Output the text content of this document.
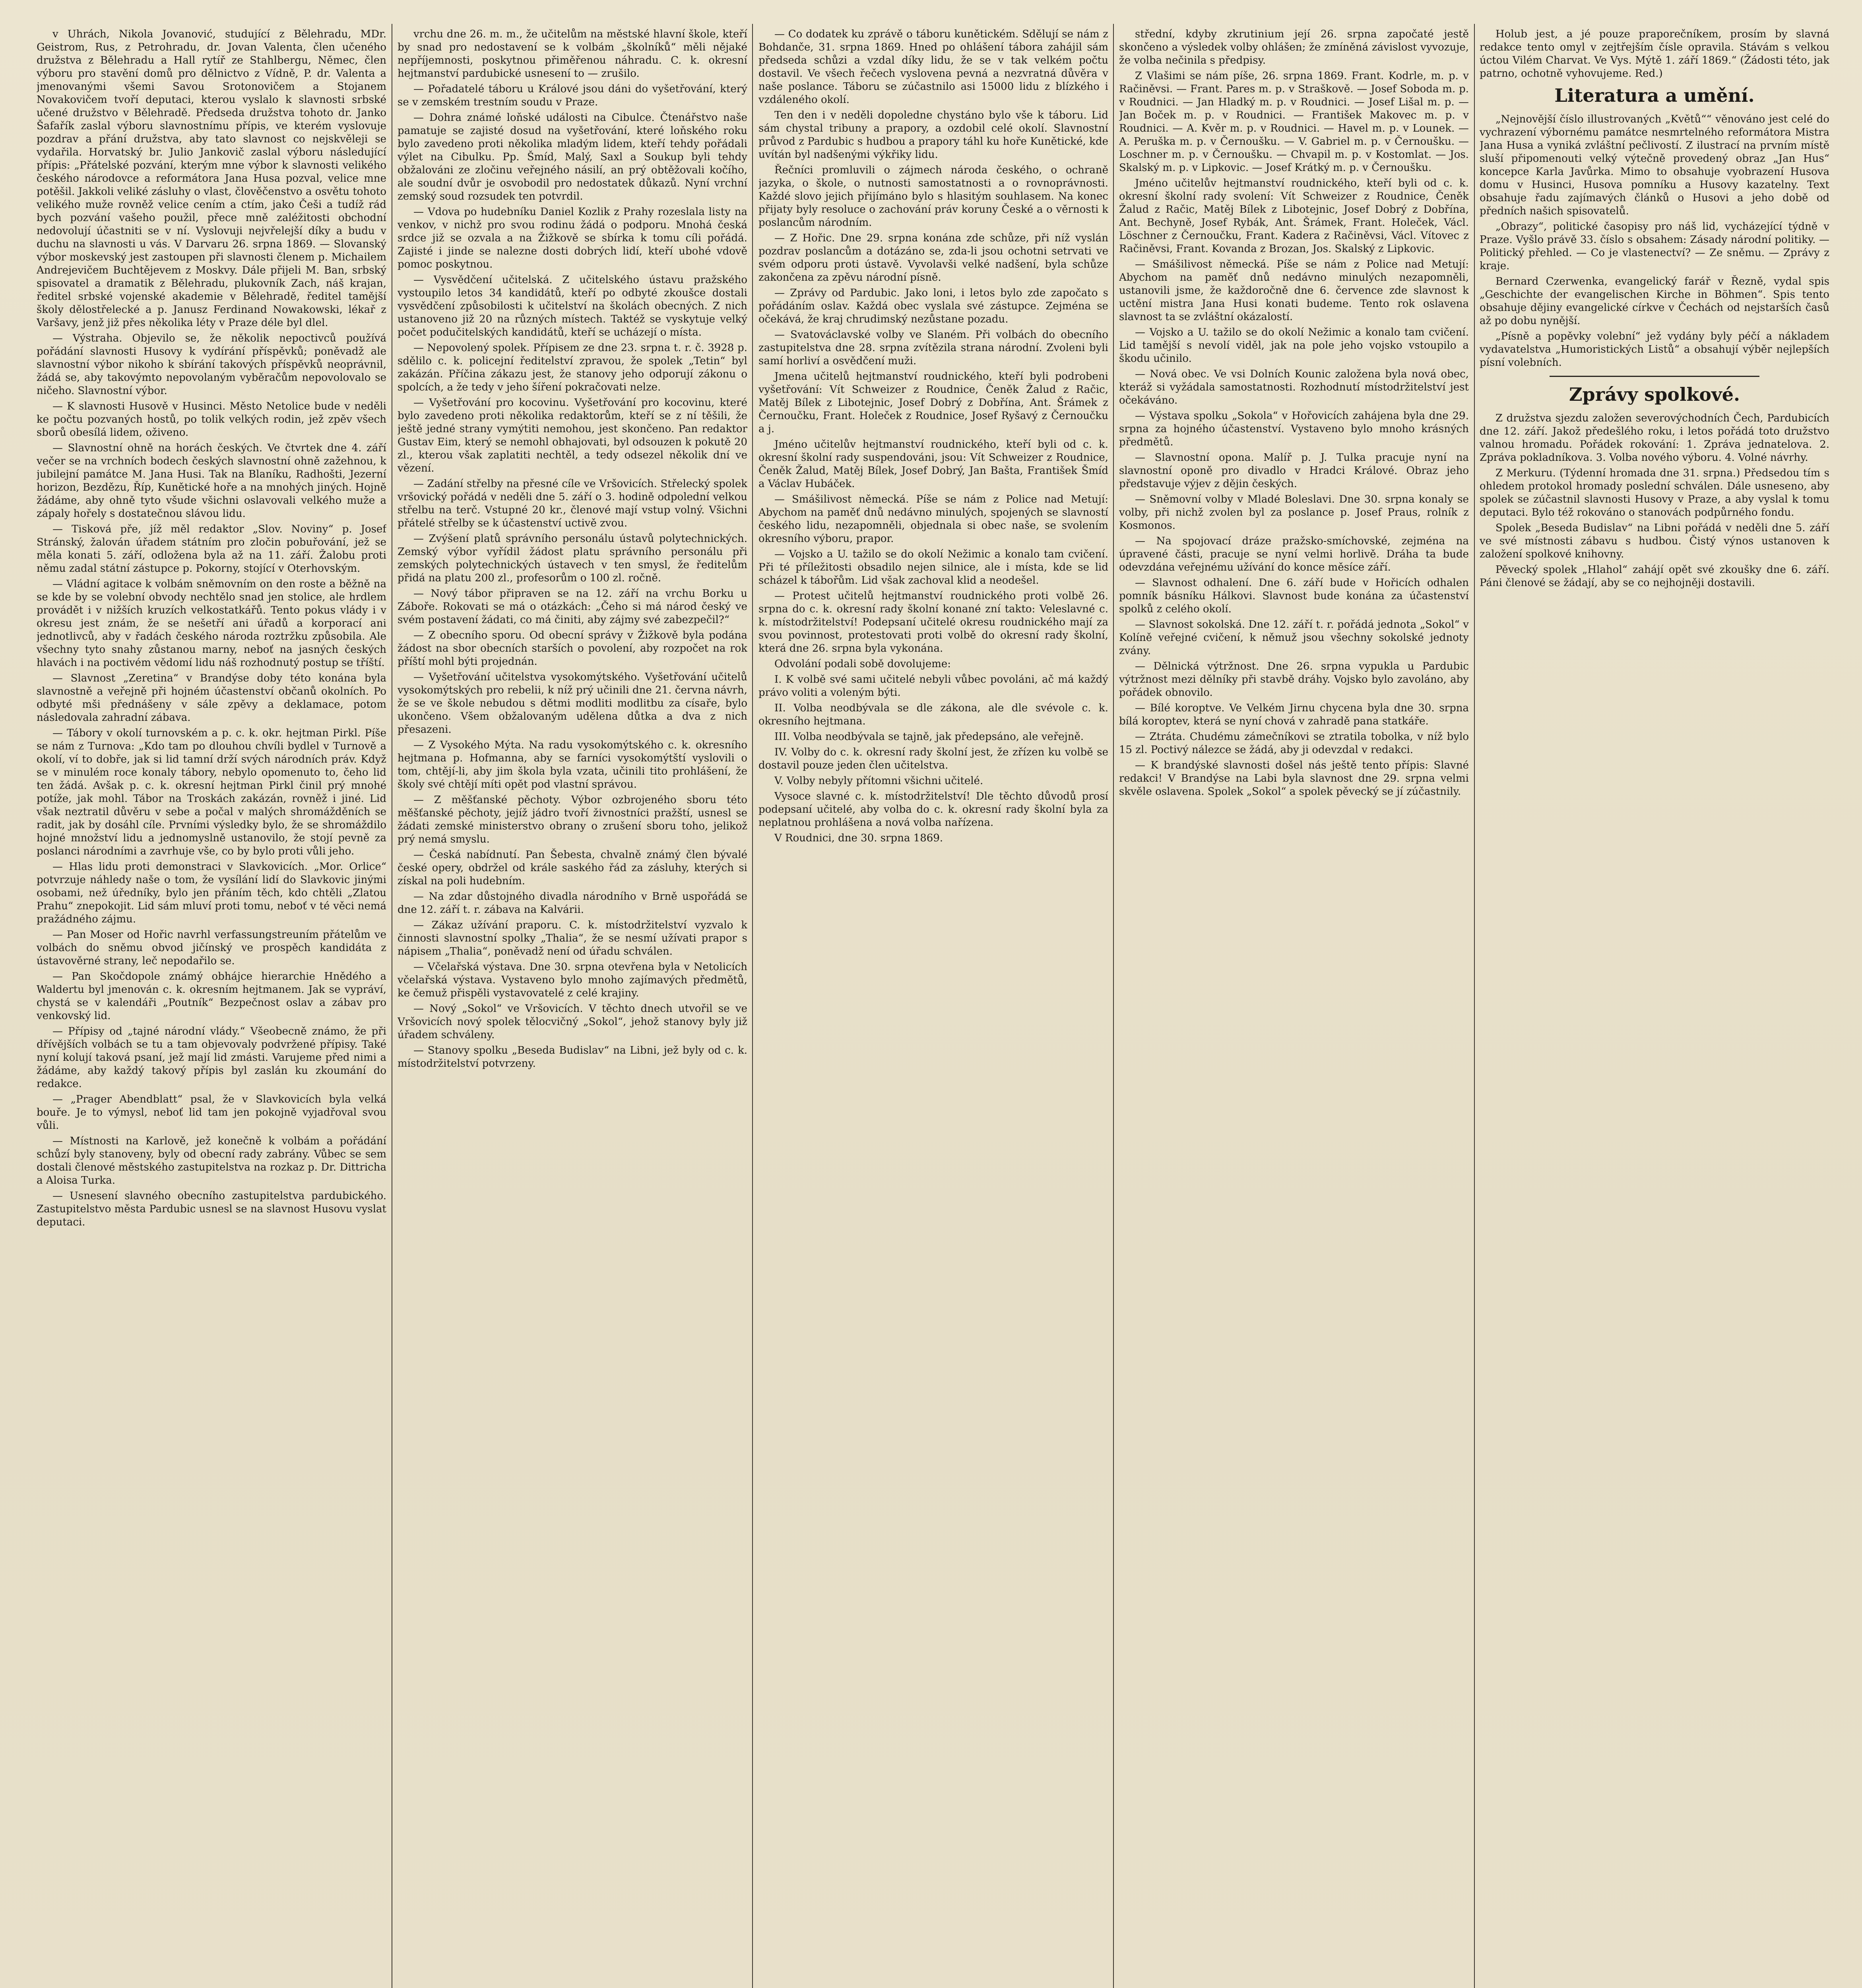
v Uhrách, Nikola Jovanović, studující z Bělehradu, MDr. Geistrom, Rus, z Petrohradu, dr. Jovan Valenta, člen učeného družstva z Bělehradu a Hall rytíř ze Stahlbergu, Němec, člen výboru pro stavění domů pro dělnictvo z Vídně, P. dr. Valenta a jmenovanými všemi Savou Srotonovičem a Stojanem Novakovičem tvoří deputaci, kterou vyslalo k slavnosti srbské učené družstvo v Bělehradě. Předseda družstva tohoto dr. Janko Šafařík zaslal výboru slavnostnímu přípis, ve kterém vyslovuje pozdrav a přání družstva, aby tato slavnost co nejskvěleji se vydařila. Horvatský br. Julio Jankovič zaslal výboru následující přípis: „Přátelské pozvání, kterým mne výbor k slavnosti velikého českého národovce a reformátora Jana Husa pozval, velice mne potěšil. Jakkoli veliké zásluhy o vlast, člověčenstvo a osvětu tohoto velikého muže rovněž velice cením a ctím, jako Češi a tudíž rád bych pozvání vašeho použil, přece mně zaléžitosti obchodní nedovolují účastniti se v ní. Vyslovuji nejvřelejší díky a budu v duchu na slavnosti u vás. V Darvaru 26. srpna 1869. — Slovanský výbor moskevský jest zastoupen při slavnosti členem p. Michailem Andrejevičem Buchtějevem z Moskvy. Dále přijeli M. Ban, srbský spisovatel a dramatik z Bělehradu, plukovník Zach, náš krajan, ředitel srbské vojenské akademie v Bělehradě, ředitel tamější školy dělostřelecké a p. Janusz Ferdinand Nowakowski, lékař z Varšavy, jenž již přes několika léty v Praze déle byl dlel.

— Výstraha. Objevilo se, že několik nepoctivců používá pořádání slavnosti Husovy k vydírání příspěvků; poněvadž ale slavnostní výbor nikoho k sbírání takových příspěvků neoprávnil, žádá se, aby takovýmto nepovolaným vyběračům nepovolovalo se ničeho. Slavnostní výbor.

— K slavnosti Husově v Husinci. Město Netolice bude v neděli ke počtu pozvaných hostů, po tolik velkých rodin, jež zpěv všech sborů obesílá lidem, oživeno.

— Slavnostní ohně na horách českých. Ve čtvrtek dne 4. září večer se na vrchních bodech českých slavnostní ohně zažehnou, k jubilejní památce M. Jana Husi. Tak na Blaníku, Radhošti, Jezerní horizon, Bezdězu, Říp, Kunětické hoře a na mnohých jiných. Hojně žádáme, aby ohně tyto všude všichni oslavovali velkého muže a zápaly hořely s dostatečnou slávou lidu.

— Tisková pře, jíž měl redaktor „Slov. Noviny“ p. Josef Stránský, žalován úřadem státním pro zločin pobuřování, jež se měla konati 5. září, odložena byla až na 11. září. Žalobu proti němu zadal státní zástupce p. Pokorny, stojící v Oterhovským.

— Vládní agitace k volbám sněmovním on den roste a běžně na se kde by se volební obvody nechtělo snad jen stolice, ale hrdlem provádět i v nižších kruzích velkostatkářů. Tento pokus vlády i v okresu jest znám, že se nešetří ani úřadů a korporací ani jednotlivců, aby v řadách českého národa roztržku způsobila. Ale všechny tyto snahy zůstanou marny, neboť na jasných českých hlavách i na poctivém vědomí lidu náš rozhodnutý postup se tříští.

— Slavnost „Zeretina“ v Brandýse doby této konána byla slavnostně a veřejně při hojném účastenství občanů okolních. Po odbyté mši přednášeny v sále zpěvy a deklamace, potom následovala zahradní zábava.

— Tábory v okolí turnovském a p. c. k. okr. hejtman Pirkl. Píše se nám z Turnova: „Kdo tam po dlouhou chvíli bydlel v Turnově a okolí, ví to dobře, jak si lid tamní drží svých národních práv. Když se v minulém roce konaly tábory, nebylo opomenuto to, čeho lid ten žádá. Avšak p. c. k. okresní hejtman Pirkl činil prý mnohé potíže, jak mohl. Tábor na Troskách zakázán, rovněž i jiné. Lid však neztratil důvěru v sebe a počal v malých shromážděních se radit, jak by dosáhl cíle. Prvními výsledky bylo, že se shromáždilo hojné množství lidu a jednomyslně ustanovilo, že stojí pevně za poslanci národními a zavrhuje vše, co by bylo proti vůli jeho.

— Hlas lidu proti demonstraci v Slavkovicích. „Mor. Orlice“ potvrzuje náhledy naše o tom, že vysílání lidí do Slavkovic jinými osobami, než úředníky, bylo jen přáním těch, kdo chtěli „Zlatou Prahu“ znepokojit. Lid sám mluví proti tomu, neboť v té věci nemá pražádného zájmu.

— Pan Moser od Hořic navrhl verfassungstreuním přátelům ve volbách do sněmu obvod jičínský ve prospěch kandidáta z ústavověrné strany, leč nepodařilo se.

— Pan Skočdopole známý obhájce hierarchie Hnědého a Waldertu byl jmenován c. k. okresním hejtmanem. Jak se vypráví, chystá se v kalendáři „Poutník“ Bezpečnost oslav a zábav pro venkovský lid.

— Přípisy od „tajné národní vlády.“ Všeobecně známo, že při dřívějších volbách se tu a tam objevovaly podvržené přípisy. Také nyní kolují taková psaní, jež mají lid zmásti. Varujeme před nimi a žádáme, aby každý takový přípis byl zaslán ku zkoumání do redakce.

— „Prager Abendblatt“ psal, že v Slavkovicích byla velká bouře. Je to výmysl, neboť lid tam jen pokojně vyjadřoval svou vůli.

— Místnosti na Karlově, jež konečně k volbám a pořádání schůzí byly stanoveny, byly od obecní rady zabrány. Vůbec se sem dostali členové městského zastupitelstva na rozkaz p. Dr. Dittricha a Aloisa Turka.

— Usnesení slavného obecního zastupitelstva pardubického. Zastupitelstvo města Pardubic usnesl se na slavnost Husovu vyslat deputaci.

vrchu dne 26. m. m., že učitelům na městské hlavní škole, kteří by snad pro nedostavení se k volbám „školníků“ měli nějaké nepříjemnosti, poskytnou přiměřenou náhradu. C. k. okresní hejtmanství pardubické usnesení to — zrušilo.

— Pořadatelé táboru u Králové jsou dáni do vyšetřování, který se v zemském trestním soudu v Praze.

— Dohra známé loňské události na Cibulce. Čtenářstvo naše pamatuje se zajisté dosud na vyšetřování, které loňského roku bylo zavedeno proti několika mladým lidem, kteří tehdy pořádali výlet na Cibulku. Pp. Šmíd, Malý, Saxl a Soukup byli tehdy obžalováni ze zločinu veřejného násilí, an prý obtěžovali kočího, ale soudní dvůr je osvobodil pro nedostatek důkazů. Nyní vrchní zemský soud rozsudek ten potvrdil.

— Vdova po hudebníku Daniel Kozlik z Prahy rozeslala listy na venkov, v nichž pro svou rodinu žádá o podporu. Mnohá česká srdce již se ozvala a na Žižkově se sbírka k tomu cíli pořádá. Zajisté i jinde se nalezne dosti dobrých lidí, kteří ubohé vdově pomoc poskytnou.

— Vysvědčení učitelská. Z učitelského ústavu pražského vystoupilo letos 34 kandidátů, kteří po odbyté zkoušce dostali vysvědčení způsobilosti k učitelství na školách obecných. Z nich ustanoveno již 20 na různých místech. Taktéž se vyskytuje velký počet podučitelských kandidátů, kteří se ucházejí o místa.

— Nepovolený spolek. Přípisem ze dne 23. srpna t. r. č. 3928 p. sdělilo c. k. policejní ředitelství zpravou, že spolek „Tetin“ byl zakázán. Příčina zákazu jest, že stanovy jeho odporují zákonu o spolcích, a že tedy v jeho šíření pokračovati nelze.

— Vyšetřování pro kocovinu. Vyšetřování pro kocovinu, které bylo zavedeno proti několika redaktorům, kteří se z ní těšili, že ještě jedné strany vymýtiti nemohou, jest skončeno. Pan redaktor Gustav Eim, který se nemohl obhajovati, byl odsouzen k pokutě 20 zl., kterou však zaplatiti nechtěl, a tedy odsezel několik dní ve vězení.

— Zadání střelby na přesné cíle ve Vršovicích. Střelecký spolek vršovický pořádá v neděli dne 5. září o 3. hodině odpolední velkou střelbu na terč. Vstupné 20 kr., členové mají vstup volný. Všichni přátelé střelby se k účastenství uctivě zvou.

— Zvýšení platů správního personálu ústavů polytechnických. Zemský výbor vyřídil žádost platu správního personálu při zemských polytechnických ústavech v ten smysl, že ředitelům přidá na platu 200 zl., profesorům o 100 zl. ročně.

— Nový tábor připraven se na 12. září na vrchu Borku u Záboře. Rokovati se má o otázkách: „Čeho si má národ český ve svém postavení žádati, co má činiti, aby zájmy své zabezpečil?“

— Z obecního sporu. Od obecní správy v Žižkově byla podána žádost na sbor obecních starších o povolení, aby rozpočet na rok příští mohl býti projednán.

— Vyšetřování učitelstva vysokomýtského. Vyšetřování učitelů vysokomýtských pro rebelii, k níž prý učinili dne 21. června návrh, že se ve škole nebudou s dětmi modliti modlitbu za císaře, bylo ukončeno. Všem obžalovaným udělena důtka a dva z nich přesazeni.

— Z Vysokého Mýta. Na radu vysokomýtského c. k. okresního hejtmana p. Hofmanna, aby se farníci vysokomýtští vyslovili o tom, chtějí-li, aby jim škola byla vzata, učinili tito prohlášení, že školy své chtějí míti opět pod vlastní správou.

— Z měšťanské pěchoty. Výbor ozbrojeného sboru této měšťanské pěchoty, jejíž jádro tvoří živnostníci pražští, usnesl se žádati zemské ministerstvo obrany o zrušení sboru toho, jelikož prý nemá smyslu.

— Česká nabídnutí. Pan Šebesta, chvalně známý člen bývalé české opery, obdržel od krále saského řád za zásluhy, kterých si získal na poli hudebním.

— Na zdar důstojného divadla národního v Brně uspořádá se dne 12. září t. r. zábava na Kalvárii.

— Zákaz užívání praporu. C. k. místodržitelství vyzvalo k činnosti slavnostní spolky „Thalia“, že se nesmí užívati prapor s nápisem „Thalia“, poněvadž není od úřadu schválen.

— Včelařská výstava. Dne 30. srpna otevřena byla v Netolicích včelařská výstava. Vystaveno bylo mnoho zajímavých předmětů, ke čemuž přispěli vystavovatelé z celé krajiny.

— Nový „Sokol“ ve Vršovicích. V těchto dnech utvořil se ve Vršovicích nový spolek tělocvičný „Sokol“, jehož stanovy byly již úřadem schváleny.

— Stanovy spolku „Beseda Budislav“ na Libni, jež byly od c. k. místodržitelství potvrzeny.

— Co dodatek ku zprávě o táboru kunětickém. Sdělují se nám z Bohdanče, 31. srpna 1869. Hned po ohlášení tábora zahájil sám předseda schůzi a vzdal díky lidu, že se v tak velkém počtu dostavil. Ve všech řečech vyslovena pevná a nezvratná důvěra v naše poslance. Táboru se zúčastnilo asi 15000 lidu z blízkého i vzdáleného okolí.

Ten den i v neděli dopoledne chystáno bylo vše k táboru. Lid sám chystal tribuny a prapory, a ozdobil celé okolí. Slavnostní průvod z Pardubic s hudbou a prapory táhl ku hoře Kunětické, kde uvítán byl nadšenými výkřiky lidu.

Řečníci promluvili o zájmech národa českého, o ochraně jazyka, o škole, o nutnosti samostatnosti a o rovnoprávnosti. Každé slovo jejich přijímáno bylo s hlasitým souhlasem. Na konec přijaty byly resoluce o zachování práv koruny České a o věrnosti k poslancům národním.

— Z Hořic. Dne 29. srpna konána zde schůze, při níž vyslán pozdrav poslancům a dotázáno se, zda-li jsou ochotni setrvati ve svém odporu proti ústavě. Vyvolavši velké nadšení, byla schůze zakončena za zpěvu národní písně.

— Zprávy od Pardubic. Jako loni, i letos bylo zde započato s pořádáním oslav. Každá obec vyslala své zástupce. Zejména se očekává, že kraj chrudimský nezůstane pozadu.

— Svatováclavské volby ve Slaném. Při volbách do obecního zastupitelstva dne 28. srpna zvítězila strana národní. Zvoleni byli samí horliví a osvědčení muži.

Jmena učitelů hejtmanství roudnického, kteří byli podrobeni vyšetřování: Vít Schweizer z Roudnice, Čeněk Žalud z Račic, Matěj Bílek z Libotejnic, Josef Dobrý z Dobřína, Ant. Šrámek z Černoučku, Frant. Holeček z Roudnice, Josef Ryšavý z Černoučku a j.

Jméno učitelův hejtmanství roudnického, kteří byli od c. k. okresní školní rady suspendováni, jsou: Vít Schweizer z Roudnice, Čeněk Žalud, Matěj Bílek, Josef Dobrý, Jan Bašta, František Šmíd a Václav Hubáček.

— Smášilivost německá. Píše se nám z Police nad Metují: Abychom na paměť dnů nedávno minulých, spojených se slavností českého lidu, nezapomněli, objednala si obec naše, se svolením okresního výboru, prapor.

— Vojsko a U. tažilo se do okolí Nežimic a konalo tam cvičení. Při té příležitosti obsadilo nejen silnice, ale i místa, kde se lid scházel k tábořům. Lid však zachoval klid a neodešel.

— Protest učitelů hejtmanství roudnického proti volbě 26. srpna do c. k. okresní rady školní konané zní takto: Veleslavné c. k. místodržitelství! Podepsaní učitelé okresu roudnického mají za svou povinnost, protestovati proti volbě do okresní rady školní, která dne 26. srpna byla vykonána.

Odvolání podali sobě dovolujeme:

I. K volbě své sami učitelé nebyli vůbec povoláni, ač má každý právo voliti a voleným býti.

II. Volba neodbývala se dle zákona, ale dle svévole c. k. okresního hejtmana.

III. Volba neodbývala se tajně, jak předepsáno, ale veřejně.

IV. Volby do c. k. okresní rady školní jest, že zřízen ku volbě se dostavil pouze jeden člen učitelstva.

V. Volby nebyly přítomni všichni učitelé.

Vysoce slavné c. k. místodržitelství! Dle těchto důvodů prosí podepsaní učitelé, aby volba do c. k. okresní rady školní byla za neplatnou prohlášena a nová volba nařízena.

V Roudnici, dne 30. srpna 1869.

střední, kdyby zkrutinium její 26. srpna započaté jestě skončeno a výsledek volby ohlášen; že zmíněná závislost vyvozuje, že volba nečinila s předpisy.

Z Vlašimi se nám píše, 26. srpna 1869. Frant. Kodrle, m. p. v Račiněvsi. — Frant. Pares m. p. v Straškově. — Josef Soboda m. p. v Roudnici. — Jan Hladký m. p. v Roudnici. — Josef Lišal m. p. — Jan Boček m. p. v Roudnici. — František Makovec m. p. v Roudnici. — A. Kvěr m. p. v Roudnici. — Havel m. p. v Lounek. — A. Peruška m. p. v Černoušku. — V. Gabriel m. p. v Černoušku. — Loschner m. p. v Černoušku. — Chvapil m. p. v Kostomlat. — Jos. Skalský m. p. v Lipkovic. — Josef Krátký m. p. v Černoušku.

Jméno učitelův hejtmanství roudnického, kteří byli od c. k. okresní školní rady svolení: Vít Schweizer z Roudnice, Čeněk Žalud z Račic, Matěj Bílek z Libotejnic, Josef Dobrý z Dobřína, Ant. Bechyně, Josef Rybák, Ant. Šrámek, Frant. Holeček, Václ. Löschner z Černoučku, Frant. Kadera z Račiněvsi, Václ. Vítovec z Račiněvsi, Frant. Kovanda z Brozan, Jos. Skalský z Lipkovic.

— Smášilivost německá. Píše se nám z Police nad Metují: Abychom na paměť dnů nedávno minulých nezapomněli, ustanovili jsme, že každoročně dne 6. července zde slavnost k uctění mistra Jana Husi konati budeme. Tento rok oslavena slavnost ta se zvláštní okázalostí.

— Vojsko a U. tažilo se do okolí Nežimic a konalo tam cvičení. Lid tamější s nevolí viděl, jak na pole jeho vojsko vstoupilo a škodu učinilo.

— Nová obec. Ve vsi Dolních Kounic založena byla nová obec, kteráž si vyžádala samostatnosti. Rozhodnutí místodržitelství jest očekáváno.

— Výstava spolku „Sokola“ v Hořovicích zahájena byla dne 29. srpna za hojného účastenství. Vystaveno bylo mnoho krásných předmětů.

— Slavnostní opona. Malíř p. J. Tulka pracuje nyní na slavnostní oponě pro divadlo v Hradci Králové. Obraz jeho představuje výjev z dějin českých.

— Sněmovní volby v Mladé Boleslavi. Dne 30. srpna konaly se volby, při nichž zvolen byl za poslance p. Josef Praus, rolník z Kosmonos.

— Na spojovací dráze pražsko-smíchovské, zejména na úpravené části, pracuje se nyní velmi horlivě. Dráha ta bude odevzdána veřejnému užívání do konce měsíce září.

— Slavnost odhalení. Dne 6. září bude v Hořicích odhalen pomník básníku Hálkovi. Slavnost bude konána za účastenství spolků z celého okolí.

— Slavnost sokolská. Dne 12. září t. r. pořádá jednota „Sokol“ v Kolíně veřejné cvičení, k němuž jsou všechny sokolské jednoty zvány.

— Dělnická výtržnost. Dne 26. srpna vypukla u Pardubic výtržnost mezi dělníky při stavbě dráhy. Vojsko bylo zavoláno, aby pořádek obnovilo.

— Bílé koroptve. Ve Velkém Jirnu chycena byla dne 30. srpna bílá koroptev, která se nyní chová v zahradě pana statkáře.

— Ztráta. Chudému zámečníkovi se ztratila tobolka, v níž bylo 15 zl. Poctivý nálezce se žádá, aby ji odevzdal v redakci.

— K brandýské slavnosti došel nás ještě tento přípis: Slavné redakci! V Brandýse na Labi byla slavnost dne 29. srpna velmi skvěle oslavena. Spolek „Sokol“ a spolek pěvecký se jí zúčastnily.

Holub jest, a jé pouze praporečníkem, prosím by slavná redakce tento omyl v zejtřejším čísle opravila. Stávám s velkou úctou Vilém Charvat. Ve Vys. Mýtě 1. září 1869.“ (Žádosti této, jak patrno, ochotně vyhovujeme. Red.)

Literatura a umění.

„Nejnovější číslo illustrovaných „Květů““ věnováno jest celé do vychrazení výbornému památce nesmrtelného reformátora Mistra Jana Husa a vyniká zvláštní pečlivostí. Z ilustrací na prvním místě sluší připomenouti velký výtečně provedený obraz „Jan Hus“ koncepce Karla Javůrka. Mimo to obsahuje vyobrazení Husova domu v Husinci, Husova pomníku a Husovy kazatelny. Text obsahuje řadu zajímavých článků o Husovi a jeho době od předních našich spisovatelů.

„Obrazy“, politické časopisy pro náš lid, vycházející týdně v Praze. Vyšlo právě 33. číslo s obsahem: Zásady národní politiky. — Politický přehled. — Co je vlastenectví? — Ze sněmu. — Zprávy z kraje.

Bernard Czerwenka, evangelický farář v Řezně, vydal spis „Geschichte der evangelischen Kirche in Böhmen“. Spis tento obsahuje dějiny evangelické církve v Čechách od nejstarších časů až po dobu nynější.

„Písně a popěvky volební“ jež vydány byly péčí a nákladem vydavatelstva „Humoristických Listů“ a obsahují výběr nejlepších písní volebních.

Zprávy spolkové.

Z družstva sjezdu založen severovýchodních Čech, Pardubicích dne 12. září. Jakož předešlého roku, i letos pořádá toto družstvo valnou hromadu. Pořádek rokování: 1. Zpráva jednatelova. 2. Zpráva pokladníkova. 3. Volba nového výboru. 4. Volné návrhy.

Z Merkuru. (Týdenní hromada dne 31. srpna.) Předsedou tím s ohledem protokol hromady poslední schválen. Dále usneseno, aby spolek se zúčastnil slavnosti Husovy v Praze, a aby vyslal k tomu deputaci. Bylo též rokováno o stanovách podpůrného fondu.

Spolek „Beseda Budislav“ na Libni pořádá v neděli dne 5. září ve své místnosti zábavu s hudbou. Čistý výnos ustanoven k založení spolkové knihovny.

Pěvecký spolek „Hlahol“ zahájí opět své zkoušky dne 6. září. Páni členové se žádají, aby se co nejhojněji dostavili.
